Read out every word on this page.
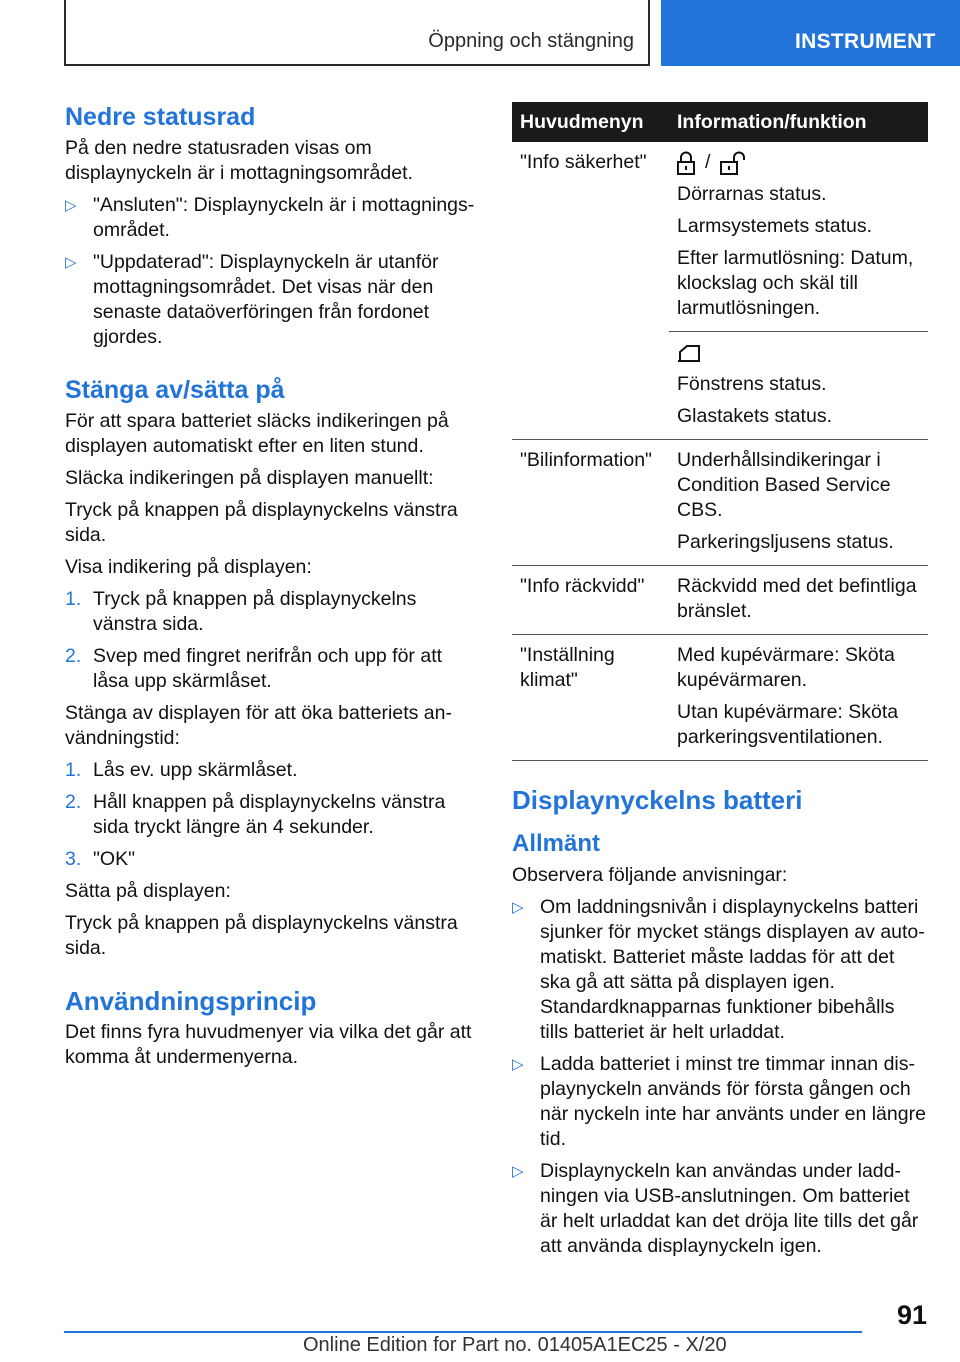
Öppning och stängning	INSTRUMENT
Nedre statusrad

På den nedre statusraden visas om displaynyckeln är i mottagningsområdet.

▷ "Ansluten": Displaynyckeln är i mottagningsområdet.
▷ "Uppdaterad": Displaynyckeln är utanför mottagningsområdet. Det visas när den senaste dataöverföringen från fordonet gjordes.
Stänga av/sätta på

För att spara batteriet släcks indikeringen på displayen automatiskt efter en liten stund.

Släcka indikeringen på displayen manuellt:

Tryck på knappen på displaynyckelns vänstra sida.

Visa indikering på displayen:

1. Tryck på knappen på displaynyckelns vänstra sida.
2. Svep med fingret nerifrån och upp för att låsa upp skärmlåset.

Stänga av displayen för att öka batteriets användningstid:

1. Lås ev. upp skärmlåset.
2. Håll knappen på displaynyckelns vänstra sida tryckt längre än 4 sekunder.
3. "OK"

Sätta på displayen:

Tryck på knappen på displaynyckelns vänstra sida.

Användningsprincip

Det finns fyra huvudmenyer via vilka det går att komma åt undermenyerna.

Huvudmenyn	Information/funktion
"Info säkerhet"	/

Dörrarnas status.

Larmsystemets status.

Efter larmutlösning: Datum, klockslag och skäl till larmutlösningen.

	Fönstrens status.

Glastakets status.

"Bilinformation"	Underhållsindikeringar i Condition Based Service CBS.

Parkeringsljusens status.

"Info räckvidd"	Räckvidd med det befintliga bränslet.

"Inställning klimat"	Med kupévärmare: Sköta kupévärmaren.

Utan kupévärmare: Sköta parkeringsventilationen.

Displaynyckelns batteri
Allmänt

Observera följande anvisningar:

▷ Om laddningsnivån i displaynyckelns batteri sjunker för mycket stängs displayen av automatiskt. Batteriet måste laddas för att det ska gå att sätta på displayen igen. Standardknapparnas funktioner bibehålls tills batteriet är helt urladdat.
▷ Ladda batteriet i minst tre timmar innan displaynyckeln används för första gången och när nyckeln inte har använts under en längre tid.
▷ Displaynyckeln kan användas under laddningen via USB-anslutningen. Om batteriet är helt urladdat kan det dröja lite tills det går att använda displaynyckeln igen.
91
Online Edition for Part no. 01405A1EC25 - X/20
